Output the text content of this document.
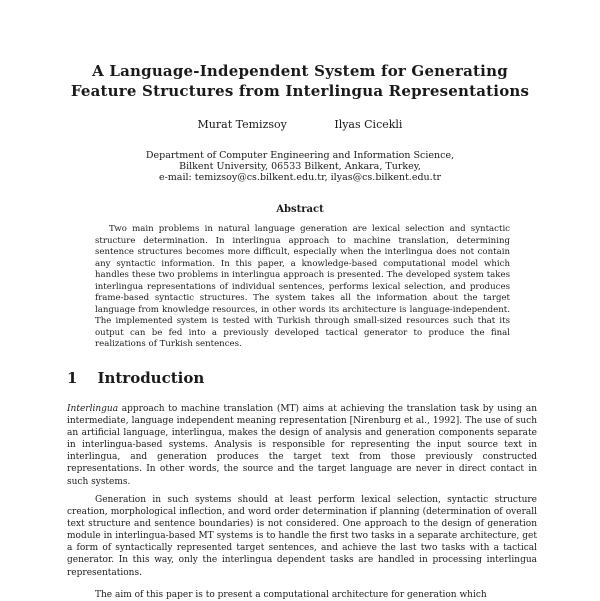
A Language-Independent System for Generating
Feature Structures from Interlingua Representations
Murat Temizsoy	Ilyas Cicekli
Department of Computer Engineering and Information Science,
Bilkent University, 06533 Bilkent, Ankara, Turkey,
e-mail: temizsoy@cs.bilkent.edu.tr, ilyas@cs.bilkent.edu.tr
Abstract
Two main problems in natural language generation are lexical selection and syntactic structure determination. In interlingua approach to machine translation, determining sentence structures becomes more difficult, especially when the interlingua does not contain any syntactic information. In this paper, a knowledge-based computational model which handles these two problems in interlingua approach is presented. The developed system takes interlingua representations of individual sentences, performs lexical selection, and produces frame-based syntactic structures. The system takes all the information about the target language from knowledge resources, in other words its architecture is language-independent. The implemented system is tested with Turkish through small-sized resources such that its output can be fed into a previously developed tactical generator to produce the final realizations of Turkish sentences.
1 Introduction
Interlingua approach to machine translation (MT) aims at achieving the translation task by using an intermediate, language independent meaning representation [Nirenburg et al., 1992]. The use of such an artificial language, interlingua, makes the design of analysis and generation components separate in interlingua-based systems. Analysis is responsible for representing the input source text in interlingua, and generation produces the target text from those previously constructed representations. In other words, the source and the target language are never in direct contact in such systems.
Generation in such systems should at least perform lexical selection, syntactic structure creation, morphological inflection, and word order determination if planning (determination of overall text structure and sentence boundaries) is not considered. One approach to the design of generation module in interlingua-based MT systems is to handle the first two tasks in a separate architecture, get a form of syntactically represented target sentences, and achieve the last two tasks with a tactical generator. In this way, only the interlingua dependent tasks are handled in processing interlingua representations.
The aim of this paper is to present a computational architecture for generation which
